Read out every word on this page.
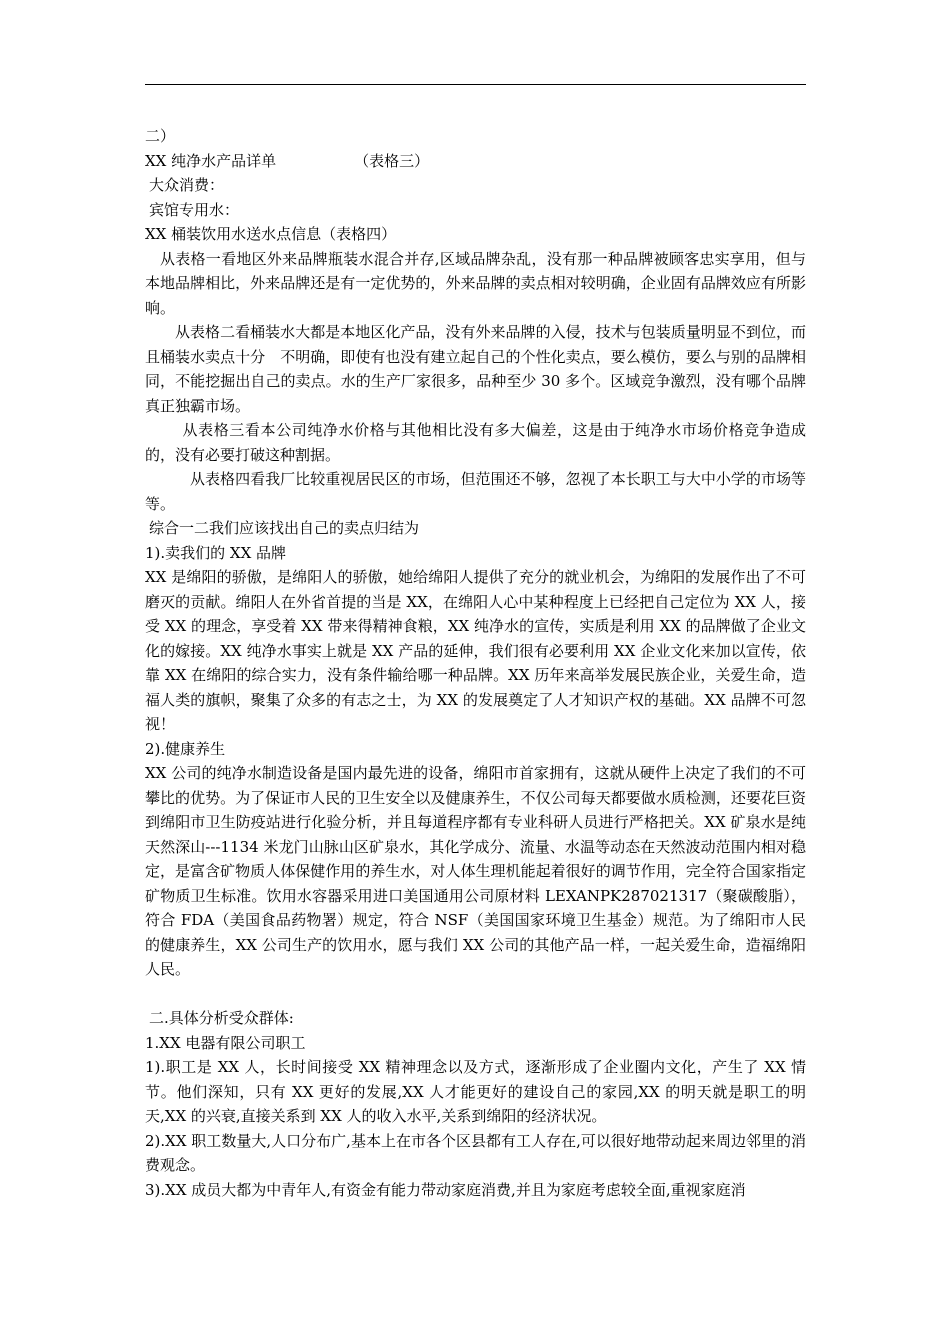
二）
XX 纯净水产品详单	（表格三）
大众消费：
宾馆专用水：
XX 桶装饮用水送水点信息（表格四）
从表格一看地区外来品牌瓶装水混合并存,区域品牌杂乱，没有那一种品牌被顾客忠实享用，但与本地品牌相比，外来品牌还是有一定优势的，外来品牌的卖点相对较明确，企业固有品牌效应有所影响。
从表格二看桶装水大都是本地区化产品，没有外来品牌的入侵，技术与包装质量明显不到位，而且桶装水卖点十分　不明确，即使有也没有建立起自己的个性化卖点，要么模仿，要么与别的品牌相同，不能挖掘出自己的卖点。水的生产厂家很多，品种至少 30 多个。区域竞争激烈，没有哪个品牌真正独霸市场。
从表格三看本公司纯净水价格与其他相比没有多大偏差，这是由于纯净水市场价格竞争造成的，没有必要打破这种割据。
从表格四看我厂比较重视居民区的市场，但范围还不够，忽视了本长职工与大中小学的市场等等。
综合一二我们应该找出自己的卖点归结为
1).卖我们的 XX 品牌
XX 是绵阳的骄傲，是绵阳人的骄傲，她给绵阳人提供了充分的就业机会，为绵阳的发展作出了不可磨灭的贡献。绵阳人在外省首提的当是 XX，在绵阳人心中某种程度上已经把自己定位为 XX 人，接受 XX 的理念，享受着 XX 带来得精神食粮，XX 纯净水的宣传，实质是利用 XX 的品牌做了企业文化的嫁接。XX 纯净水事实上就是 XX 产品的延伸，我们很有必要利用 XX 企业文化来加以宣传，依靠 XX 在绵阳的综合实力，没有条件输给哪一种品牌。XX 历年来高举发展民族企业，关爱生命，造福人类的旗帜，聚集了众多的有志之士，为 XX 的发展奠定了人才知识产权的基础。XX 品牌不可忽视！
2).健康养生
XX 公司的纯净水制造设备是国内最先进的设备，绵阳市首家拥有，这就从硬件上决定了我们的不可攀比的优势。为了保证市人民的卫生安全以及健康养生，不仅公司每天都要做水质检测，还要花巨资到绵阳市卫生防疫站进行化验分析，并且每道程序都有专业科研人员进行严格把关。XX 矿泉水是纯天然深山---1134 米龙门山脉山区矿泉水，其化学成分、流量、水温等动态在天然波动范围内相对稳定，是富含矿物质人体保健作用的养生水，对人体生理机能起着很好的调节作用，完全符合国家指定矿物质卫生标准。饮用水容器采用进口美国通用公司原材料 LEXANPK287021317（聚碳酸脂），符合 FDA（美国食品药物署）规定，符合 NSF（美国国家环境卫生基金）规范。为了绵阳市人民的健康养生，XX 公司生产的饮用水，愿与我们 XX 公司的其他产品一样，一起关爱生命，造福绵阳人民。
二.具体分析受众群体:
1.XX 电器有限公司职工
1).职工是 XX 人，长时间接受 XX 精神理念以及方式，逐渐形成了企业圈内文化，产生了 XX 情节。他们深知，只有 XX 更好的发展,XX 人才能更好的建设自己的家园,XX 的明天就是职工的明天,XX 的兴衰,直接关系到 XX 人的收入水平,关系到绵阳的经济状况。
2).XX 职工数量大,人口分布广,基本上在市各个区县都有工人存在,可以很好地带动起来周边邻里的消费观念。
3).XX 成员大都为中青年人,有资金有能力带动家庭消费,并且为家庭考虑较全面,重视家庭消
